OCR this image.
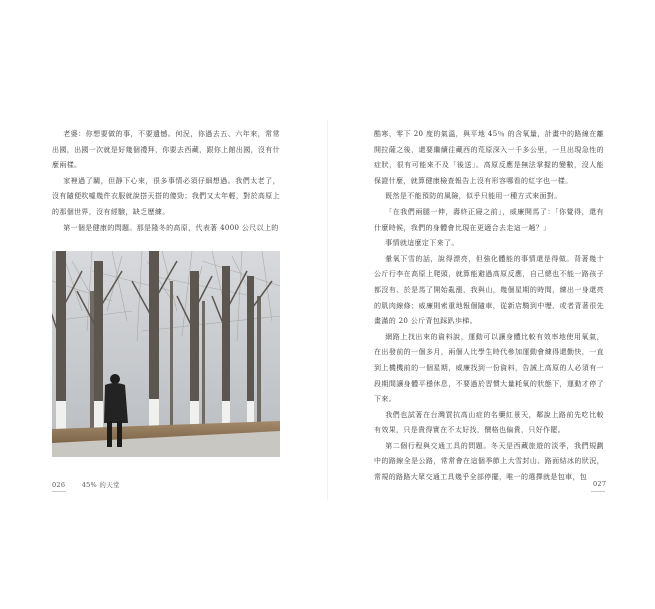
老婆：你想要做的事，不要遺憾。何況，你過去五、六年來，常常出國，出國一次就是好幾個禮拜，你要去西藏，跟你上館出國，沒有什麼兩樣。

家裡過了關，但靜下心來，很多事情必須仔細想過。我們太老了，沒有隨便吹噓幾件衣服就說搭天搭的傻勁；我們又太年輕，對於高原上的那個世界，沒有經驗，缺乏歷練。

第一個是健康的問題。那是隆冬的高原，代表著 4000 公尺以上的

026	45% 的天堂

酷寒，零下 20 度的氣溫，與平地 45％ 的含氧量，計畫中的路線在離開拉薩之後，還要繼續往藏西的荒原深入一千多公里，一旦出現急性的症狀，很有可能來不及「後送」。高原反應是無法掌握的變數，沒人能保證什麼，就算健康檢查報告上沒有形容哪看的紅字也一樣。

既然是不能預防的風險，似乎只能用一種方式來面對。

「在我們兩腿一伸，壽終正寢之前」，威廉開馬了：「你覺得，還有什麼時候，我們的身體會比現在更適合去走這一趟？」

事情就這麼定下來了。

暈氧下雪的話，說得漂亮，但強化體能的事情還是得做。背著幾十公斤行李在高原上爬頭，就算能避過高原反應，自己總也不能一路孩子都沒有、於是馬了開始亂漲，我與山，幾個星期的時間，練出一身還亮的肌肉線條；威廉則索重地報個隨車，從新店騎到中壢、或者背著很先畫滿的 20 公斤背包踩趴歩梯。

網路上找出來的資料說，運動可以讓身體比較有效率地使用氧氣，在出發前的一個多月，兩個人比學生時代參加運動會練得還勤快，一直到上機機前的一個星期，威廉找到一份資料，告誡上高原的人必須有一段期間讓身體平穩休息，不要過於習慣大量耗氧的狀態下，運動才停了下來。

我們也試著在台灣買抗高山症的名藥紅景天，鄰說上路前先吃比較有效果，只是貴得實在不太好找，價格也偏貴，只好作罷。

第二個行程與交通工具的問題。冬天是西藏旅遊的淡季，我們規劃中的路線全是公路，常常會在這個季節上大雪封山、路面結冰的狀況，常規的路路大眾交通工具幾乎全部停擺，唯一的選擇就是包車，包

027
